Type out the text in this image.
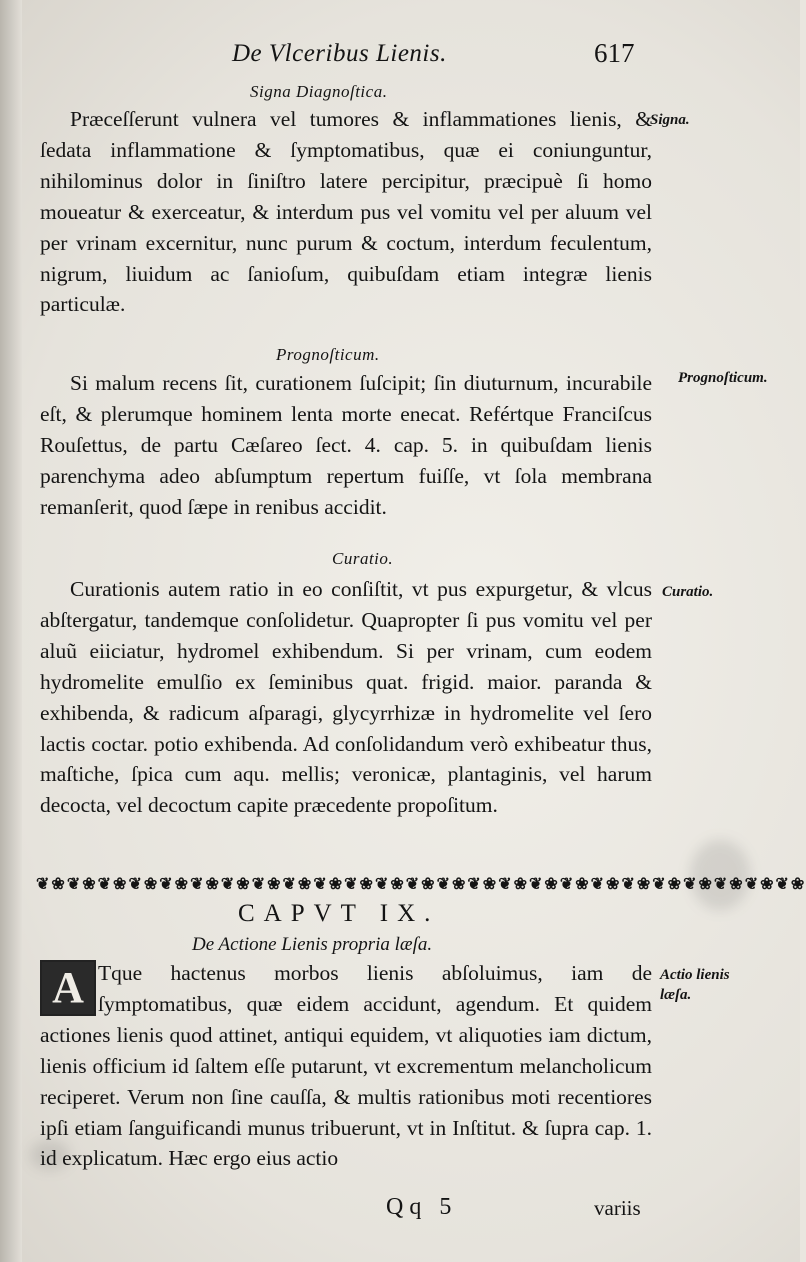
De Vlceribus Lienis.	617
Signa Diagnoſtica.
Signa.

Præceſſerunt vulnera vel tumores & inflammationes lienis, & ſedata inflammatione & ſymptomatibus, quæ ei coniunguntur, nihilominus dolor in ſiniſtro latere percipitur, præcipuè ſi homo moueatur & exerceatur, & interdum pus vel vomitu vel per aluum vel per vrinam excernitur, nunc purum & coctum, interdum feculentum, nigrum, liuidum ac ſanioſum, quibuſdam etiam integræ lienis particulæ.

Prognoſticum.
Prognoſticum.

Si malum recens ſit, curationem ſuſcipit; ſin diuturnum, incurabile eſt, & plerumque hominem lenta morte enecat. Refértque Franciſcus Rouſettus, de partu Cæſareo ſect. 4. cap. 5. in quibuſdam lienis parenchyma adeo abſumptum repertum fuiſſe, vt ſola membrana remanſerit, quod ſæpe in renibus accidit.

Curatio.
Curatio.

Curationis autem ratio in eo conſiſtit, vt pus expurgetur, & vlcus abſtergatur, tandemque conſolidetur. Quapropter ſi pus vomitu vel per aluũ eiiciatur, hydromel exhibendum. Si per vrinam, cum eodem hydromelite emulſio ex ſeminibus quat. frigid. maior. paranda & exhibenda, & radicum aſparagi, glycyrrhizæ in hydromelite vel ſero lactis coctar. potio exhibenda. Ad conſolidandum verò exhibeatur thus, maſtiche, ſpica cum aqu. mellis; veronicæ, plantaginis, vel harum decocta, vel decoctum capite præcedente propoſitum.

❦❀❦❀❦❀❦❀❦❀❦❀❦❀❦❀❦❀❦❀❦❀❦❀❦❀❦❀❦❀❦❀❦❀❦❀❦❀❦❀❦❀❦❀❦❀❦❀❦❀
CAPVT IX.
De Actione Lienis propria læſa.
Actio lienis læſa.
A Tque hactenus morbos lienis abſoluimus, iam de ſymptomatibus, quæ eidem accidunt, agendum. Et quidem actiones lienis quod attinet, antiqui equidem, vt aliquoties iam dictum, lienis officium id ſaltem eſſe putarunt, vt excrementum melancholicum reciperet. Verum non ſine cauſſa, & multis rationibus moti recentiores ipſi etiam ſanguificandi munus tribuerunt, vt in Inſtitut. & ſupra cap. 1. id explicatum. Hæc ergo eius actio

Qq 5	variis
